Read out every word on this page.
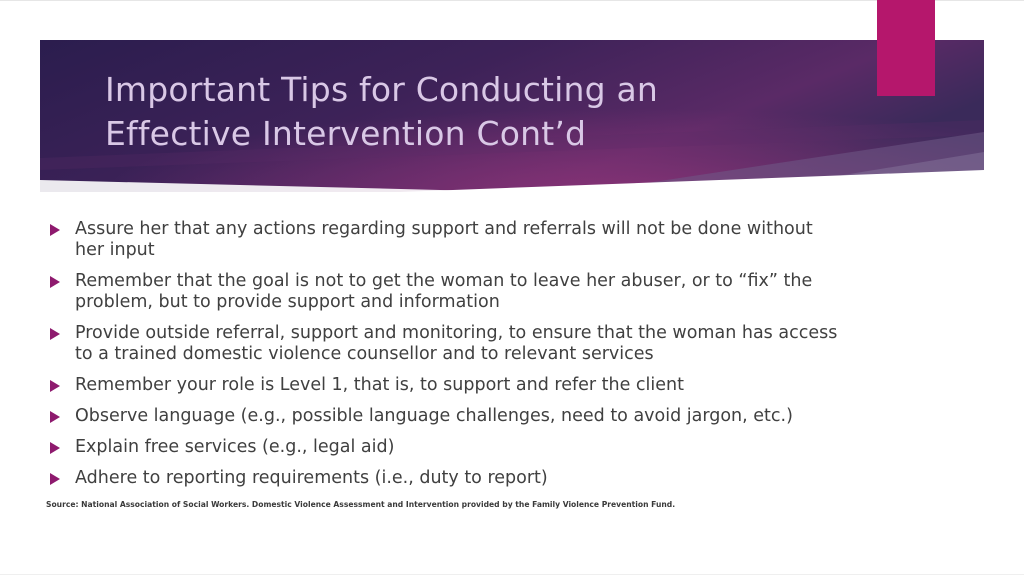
Important Tips for Conducting an
Effective Intervention Cont’d
Assure her that any actions regarding support and referrals will not be done without
her input
Remember that the goal is not to get the woman to leave her abuser, or to “fix” the
problem, but to provide support and information
Provide outside referral, support and monitoring, to ensure that the woman has access
to a trained domestic violence counsellor and to relevant services
Remember your role is Level 1, that is, to support and refer the client
Observe language (e.g., possible language challenges, need to avoid jargon, etc.)
Explain free services (e.g., legal aid)
Adhere to reporting requirements (i.e., duty to report)

Source: National Association of Social Workers. Domestic Violence Assessment and Intervention provided by the Family Violence Prevention Fund.
